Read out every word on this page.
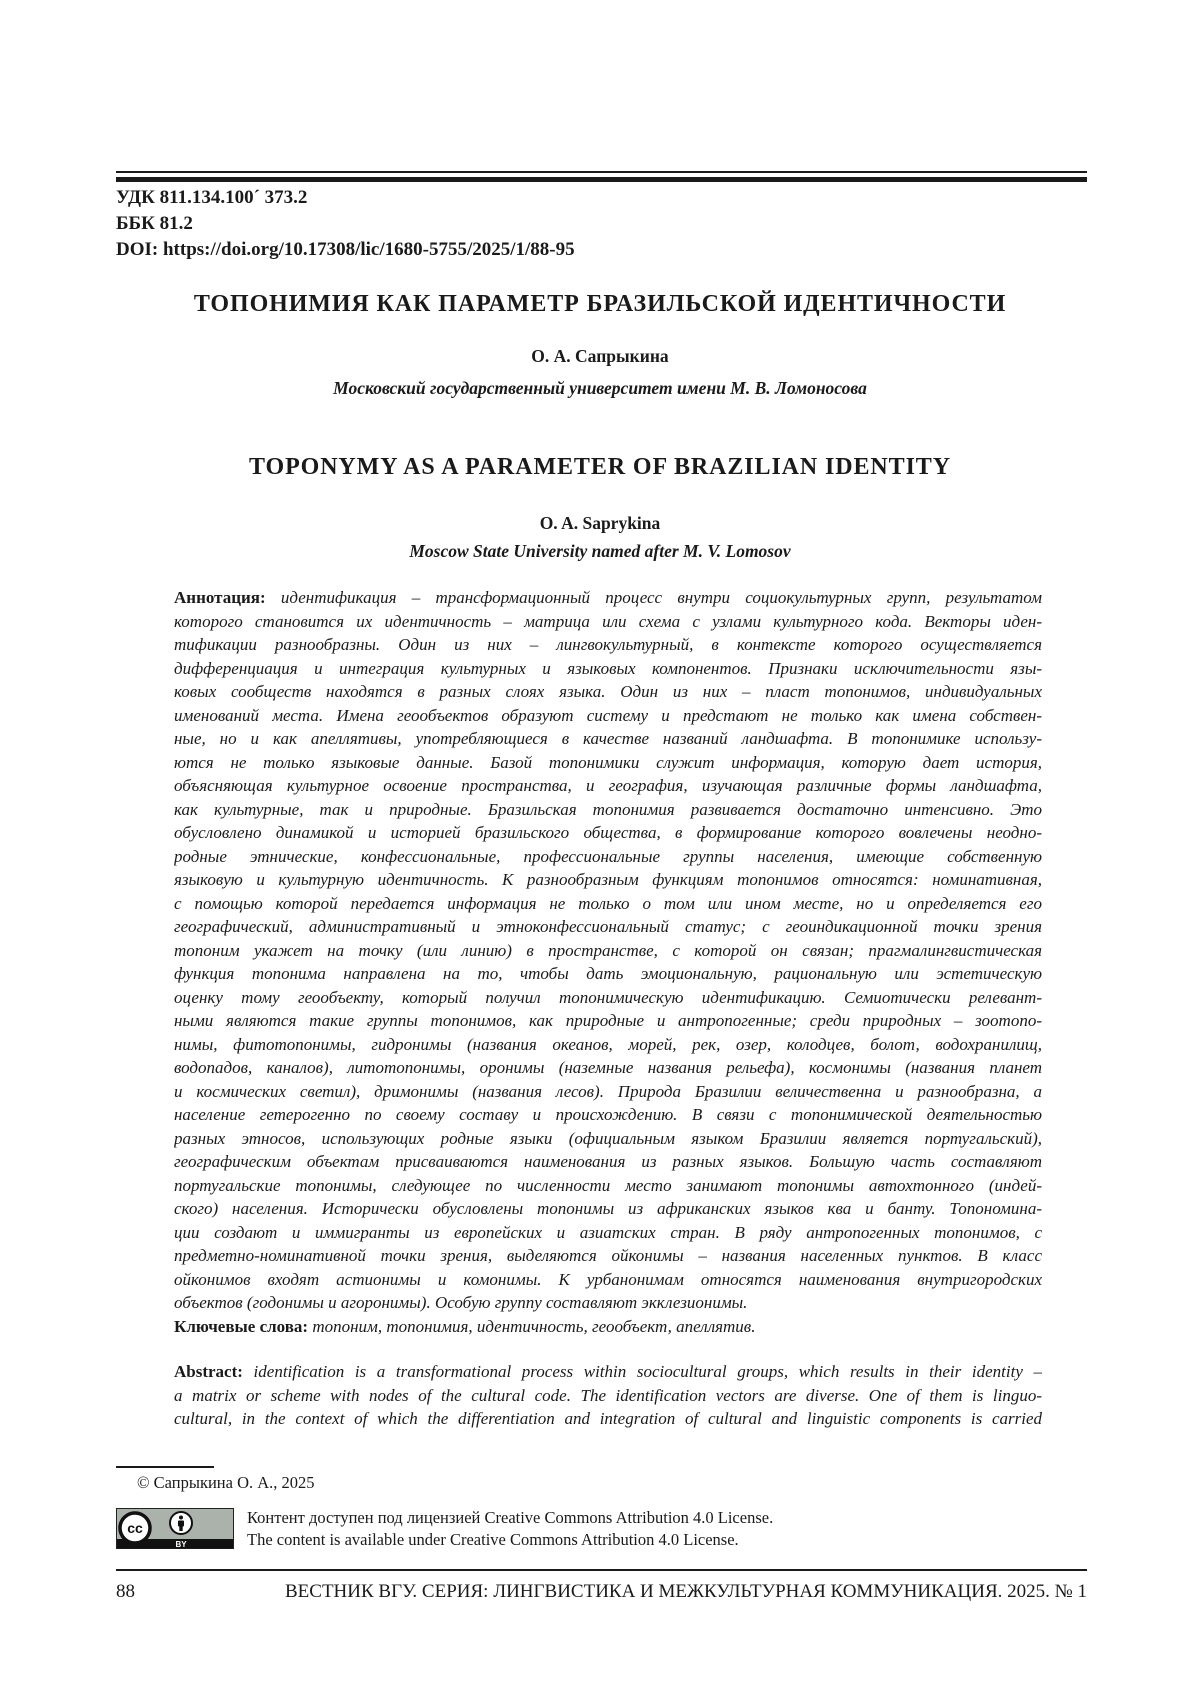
УДК 811.134.100´ 373.2
ББК 81.2
DOI: https://doi.org/10.17308/lic/1680-5755/2025/1/88-95
ТОПОНИМИЯ КАК ПАРАМЕТР БРАЗИЛЬСКОЙ ИДЕНТИЧНОСТИ
О. А. Сапрыкина
Московский государственный университет имени М. В. Ломоносова
TOPONYMY AS A PARAMETER OF BRAZILIAN IDENTITY
O. A. Saprykina
Moscow State University named after M. V. Lomosov
Аннотация: идентификация – трансформационный процесс внутри социокультурных групп, результатом
которого становится их идентичность – матрица или схема с узлами культурного кода. Векторы иден-
тификации разнообразны. Один из них – лингвокультурный, в контексте которого осуществляется
дифференциация и интеграция культурных и языковых компонентов. Признаки исключительности язы-
ковых сообществ находятся в разных слоях языка. Один из них – пласт топонимов, индивидуальных
именований места. Имена геообъектов образуют систему и предстают не только как имена собствен-
ные, но и как апеллятивы, употребляющиеся в качестве названий ландшафта. В топонимике использу-
ются не только языковые данные. Базой топонимики служит информация, которую дает история,
объясняющая культурное освоение пространства, и география, изучающая различные формы ландшафта,
как культурные, так и природные. Бразильская топонимия развивается достаточно интенсивно. Это
обусловлено динамикой и историей бразильского общества, в формирование которого вовлечены неодно-
родные этнические, конфессиональные, профессиональные группы населения, имеющие собственную
языковую и культурную идентичность. К разнообразным функциям топонимов относятся: номинативная,
с помощью которой передается информация не только о том или ином месте, но и определяется его
географический, административный и этноконфессиональный статус; с геоиндикационной точки зрения
топоним укажет на точку (или линию) в пространстве, с которой он связан; прагмалингвистическая
функция топонима направлена на то, чтобы дать эмоциональную, рациональную или эстетическую
оценку тому геообъекту, который получил топонимическую идентификацию. Семиотически релевант-
ными являются такие группы топонимов, как природные и антропогенные; среди природных – зоотопо-
нимы, фитотопонимы, гидронимы (названия океанов, морей, рек, озер, колодцев, болот, водохранилищ,
водопадов, каналов), литотопонимы, оронимы (наземные названия рельефа), космонимы (названия планет
и космических светил), дримонимы (названия лесов). Природа Бразилии величественна и разнообразна, а
население гетерогенно по своему составу и происхождению. В связи с топонимической деятельностью
разных этносов, использующих родные языки (официальным языком Бразилии является португальский),
географическим объектам присваиваются наименования из разных языков. Большую часть составляют
португальские топонимы, следующее по численности место занимают топонимы автохтонного (индей-
ского) населения. Исторически обусловлены топонимы из африканских языков ква и банту. Топономина-
ции создают и иммигранты из европейских и азиатских стран. В ряду антропогенных топонимов, с
предметно-номинативной точки зрения, выделяются ойконимы – названия населенных пунктов. В класс
ойконимов входят астионимы и комонимы. К урбанонимам относятся наименования внутригородских
объектов (годонимы и агоронимы). Особую группу составляют экклезионимы.
Ключевые слова: топоним, топонимия, идентичность, геообъект, апеллятив.
Abstract: identification is a transformational process within sociocultural groups, which results in their identity –
a matrix or scheme with nodes of the cultural code. The identification vectors are diverse. One of them is linguo-
cultural, in the context of which the differentiation and integration of cultural and linguistic components is carried
© Сапрыкина О. А., 2025
cc
BY
Контент доступен под лицензией Creative Commons Attribution 4.0 License.
The content is available under Creative Commons Attribution 4.0 License.
88	ВЕСТНИК ВГУ. СЕРИЯ: ЛИНГВИСТИКА И МЕЖКУЛЬТУРНАЯ КОММУНИКАЦИЯ. 2025. № 1
